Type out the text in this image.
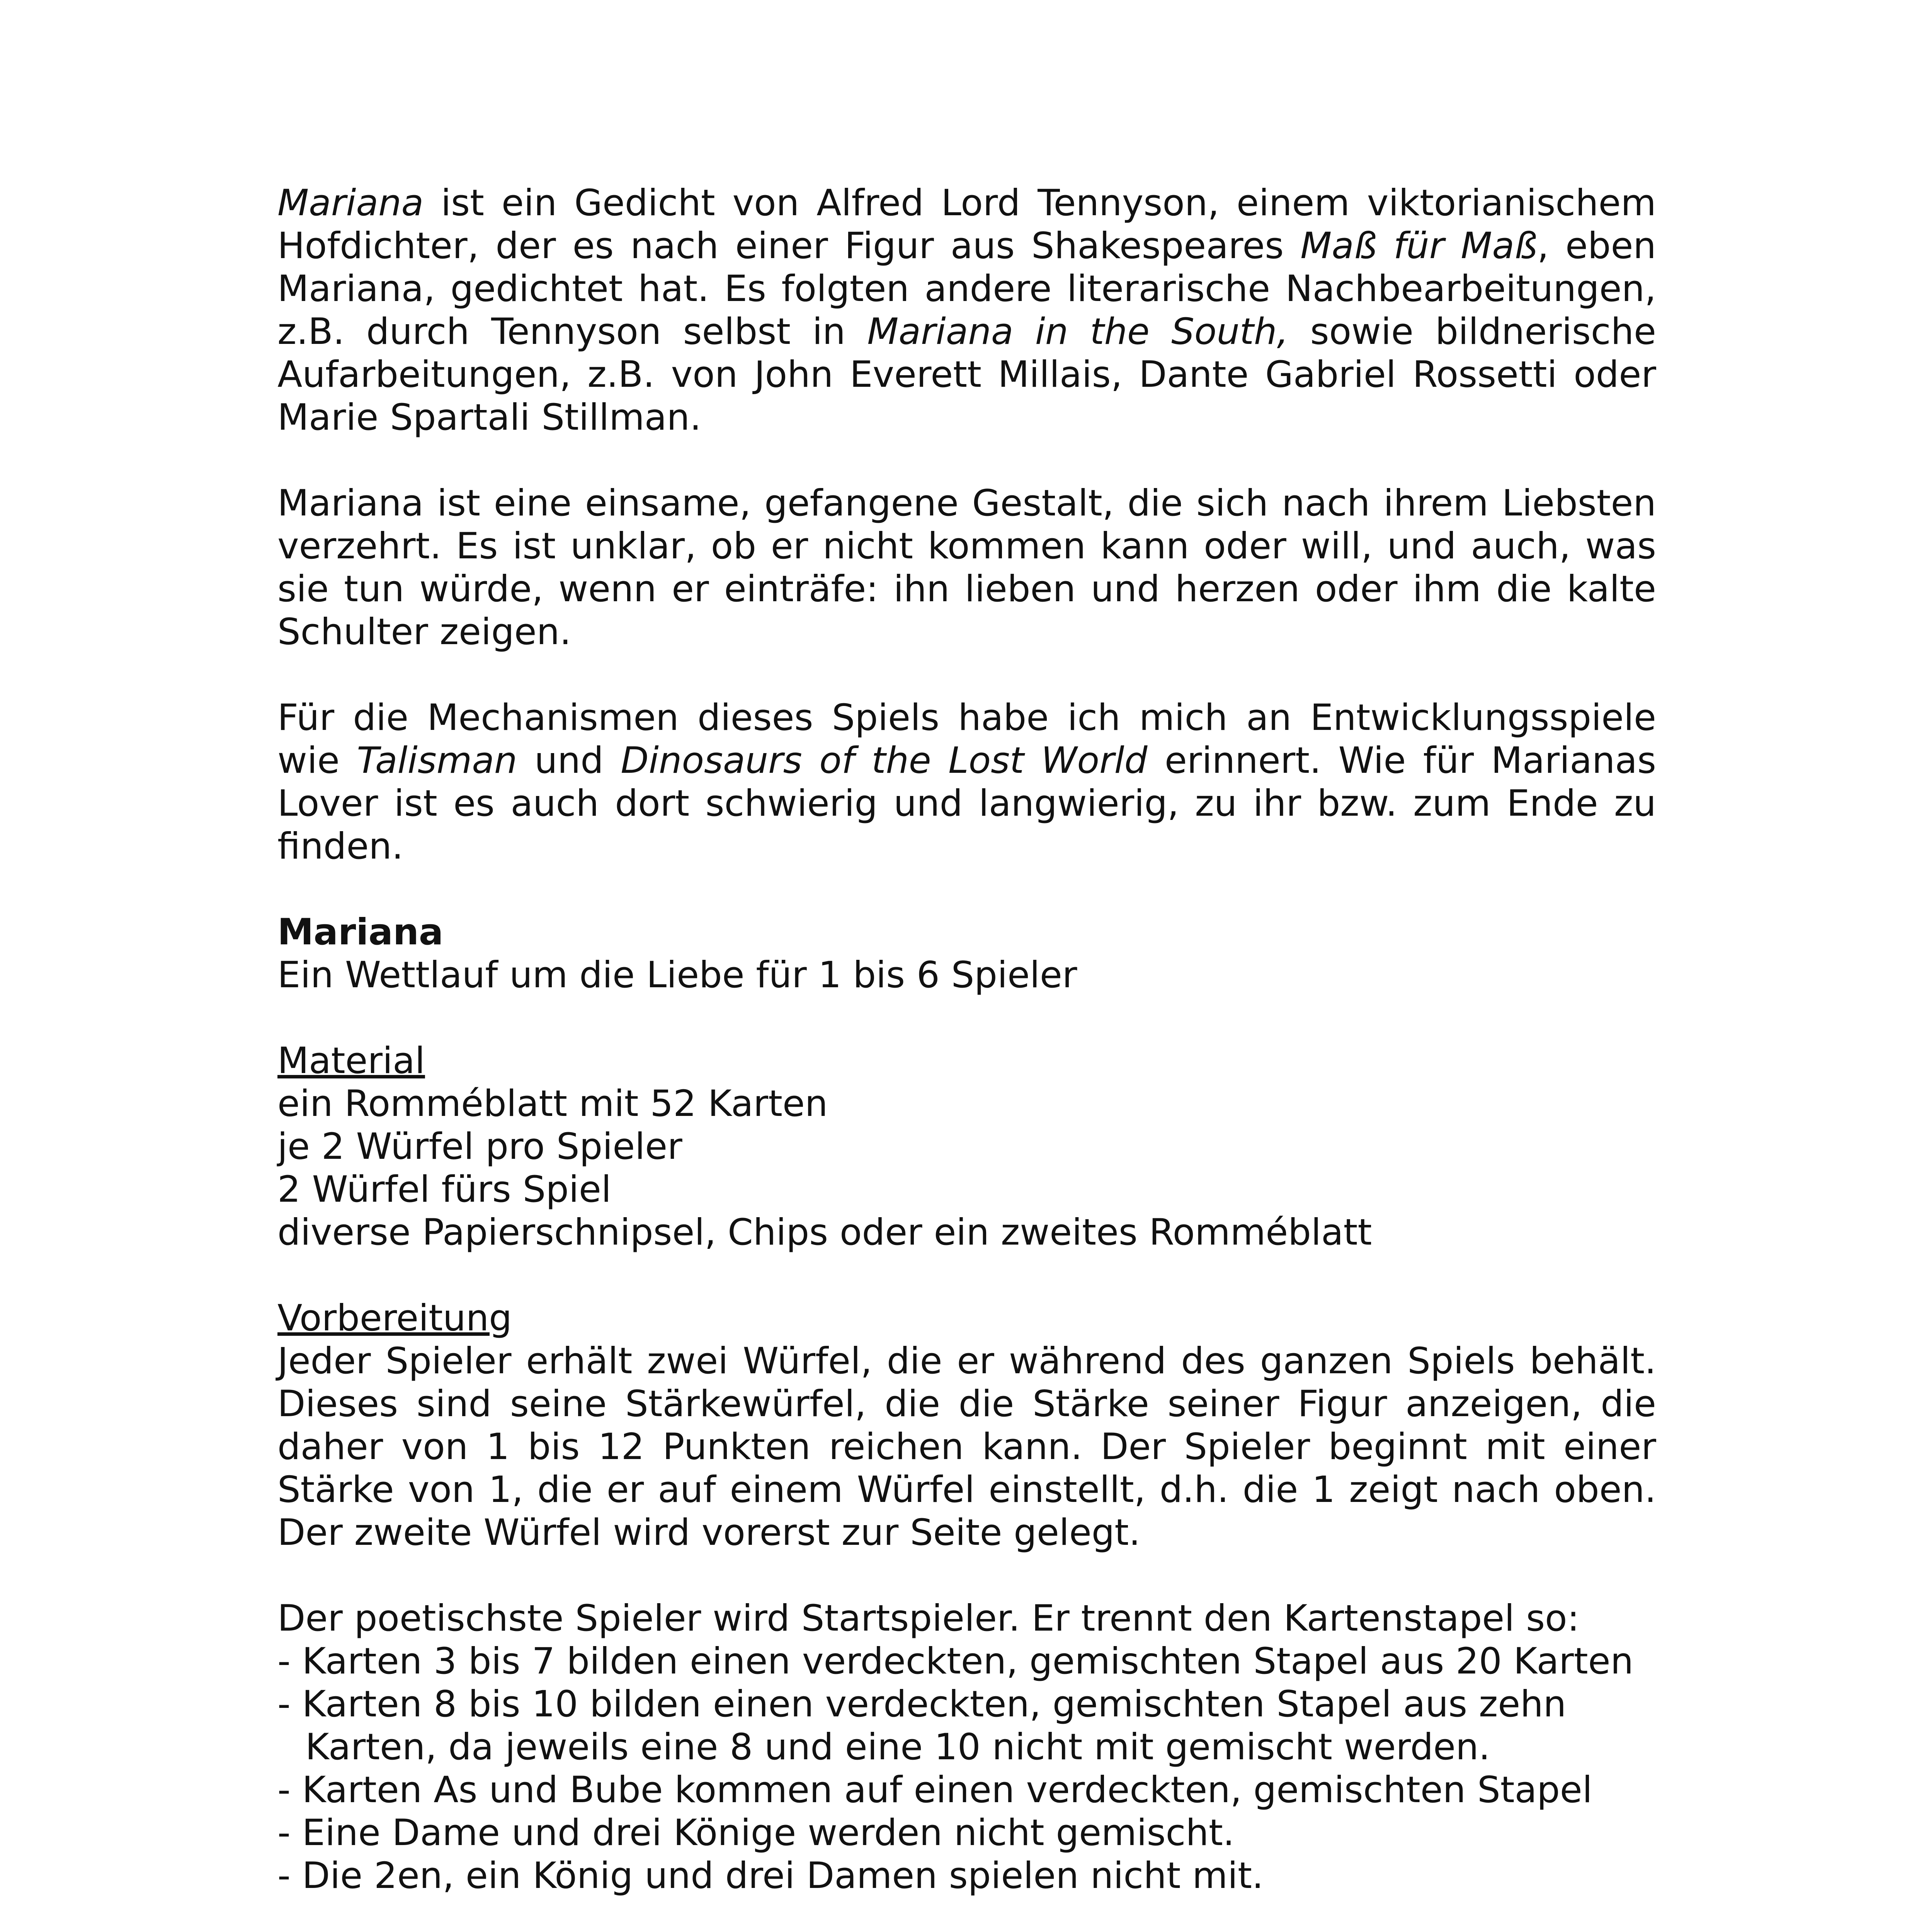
Mariana ist ein Gedicht von Alfred Lord Tennyson, einem viktorianischem Hofdichter, der es nach einer Figur aus Shakespeares Maß für Maß, eben Mariana, gedichtet hat. Es folgten andere literarische Nachbearbeitungen, z.B. durch Tennyson selbst in Mariana in the South, sowie bildnerische Aufarbeitungen, z.B. von John Everett Millais, Dante Gabriel Rossetti oder Marie Spartali Stillman.

Mariana ist eine einsame, gefangene Gestalt, die sich nach ihrem Liebsten verzehrt. Es ist unklar, ob er nicht kommen kann oder will, und auch, was sie tun würde, wenn er einträfe: ihn lieben und herzen oder ihm die kalte Schulter zeigen.

Für die Mechanismen dieses Spiels habe ich mich an Entwicklungsspiele wie Talisman und Dinosaurs of the Lost World erinnert. Wie für Marianas Lover ist es auch dort schwierig und langwierig, zu ihr bzw. zum Ende zu finden.

Mariana

Ein Wettlauf um die Liebe für 1 bis 6 Spieler

Material

ein Romméblatt mit 52 Karten

je 2 Würfel pro Spieler

2 Würfel fürs Spiel

diverse Papierschnipsel, Chips oder ein zweites Romméblatt

Vorbereitung

Jeder Spieler erhält zwei Würfel, die er während des ganzen Spiels behält. Dieses sind seine Stärkewürfel, die die Stärke seiner Figur anzeigen, die daher von 1 bis 12 Punkten reichen kann. Der Spieler beginnt mit einer Stärke von 1, die er auf einem Würfel einstellt, d.h. die 1 zeigt nach oben. Der zweite Würfel wird vorerst zur Seite gelegt.

Der poetischste Spieler wird Startspieler. Er trennt den Kartenstapel so:

- Karten 3 bis 7 bilden einen verdeckten, gemischten Stapel aus 20 Karten

- Karten 8 bis 10 bilden einen verdeckten, gemischten Stapel aus zehn

Karten, da jeweils eine 8 und eine 10 nicht mit gemischt werden.

- Karten As und Bube kommen auf einen verdeckten, gemischten Stapel

- Eine Dame und drei Könige werden nicht gemischt.

- Die 2en, ein König und drei Damen spielen nicht mit.
